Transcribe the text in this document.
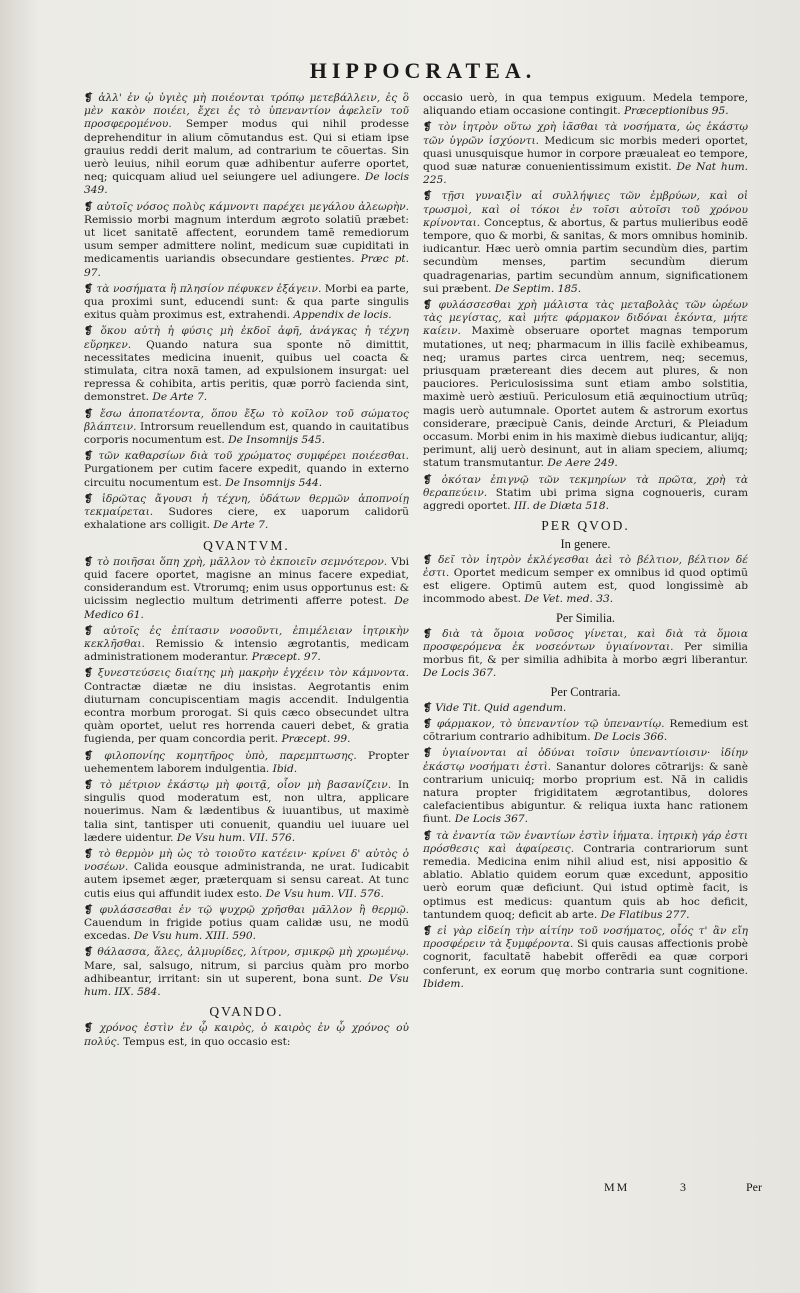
HIPPOCRATEA.

❡ ἀλλ' ἐν ᾧ ὑγιὲς μὴ ποιέονται τρόπῳ μετεβάλλειν, ἐς ὃ μὲν κακὸν ποιέει, ἔχει ἐς τὸ ὑπεναντίον ἀφελεῖν τοῦ προσφερομένου. Semper modus qui nihil prodesse deprehenditur in alium cõmutandus est. Qui si etiam ipse grauius reddi derit malum, ad contrarium te cõuertas. Sin uerò leuius, nihil eorum quæ adhibentur auferre oportet, neq; quicquam aliud uel seiungere uel adiungere. De locis 349.

❡ αὐτοῖς νόσος πολὺς κάμνοντι παρέχει μεγάλου ἀλεωρὴν. Remissio morbi magnum interdum ægroto solatiũ præbet: ut licet sanitatẽ affectent, eorundem tamẽ remediorum usum semper admittere nolint, medicum suæ cupiditati in medicamentis uariandis obsecundare gestientes. Præc pt. 97.

❡ τὰ νοσήματα ἢ πλησίον πέφυκεν ἐξάγειν. Morbi ea parte, qua proximi sunt, educendi sunt: & qua parte singulis exitus quàm proximus est, extrahendi. Appendix de locis.

❡ ὅκου αὐτὴ ἡ φύσις μὴ ἐκδοῖ ἀφῆ, ἀνάγκας ἡ τέχνη εὕρηκεν. Quando natura sua sponte nõ dimittit, necessitates medicina inuenit, quibus uel coacta & stimulata, citra noxã tamen, ad expulsionem insurgat: uel repressa & cohibita, artis peritis, quæ porrò facienda sint, demonstret. De Arte 7.

❡ ἔσω ἀποπατέοντα, ὅπου ἔξω τὸ κοῖλον τοῦ σώματος βλάπτειν. Introrsum reuellendum est, quando in cauitatibus corporis nocumentum est. De Insomnijs 545.

❡ τῶν καθαρσίων διὰ τοῦ χρώματος συμφέρει ποιέεσθαι. Purgationem per cutim facere expedit, quando in externo circuitu nocumentum est. De Insomnijs 544.

❡ ἱδρῶτας ἄγουσι ἡ τέχνη, ὑδάτων θερμῶν ἀποπνοίῃ τεκμαίρεται. Sudores ciere, ex uaporum calidorũ exhalatione ars colligit. De Arte 7.

QVANTVM.

❡ τὸ ποιῆσαι ὅπη χρὴ, μᾶλλον τὸ ἐκποιεῖν σεμνότερον. Vbi quid facere oportet, magisne an minus facere expediat, considerandum est. Vtrorumq; enim usus opportunus est: & uicissim neglectio multum detrimenti afferre potest. De Medico 61.

❡ αὐτοῖς ἐς ἐπίτασιν νοσοῦντι, ἐπιμέλειαν ἰητρικὴν κεκλῆσθαι. Remissio & intensio ægrotantis, medicam administrationem moderantur. Præcept. 97.

❡ ξυνεστεύσεις διαίτης μὴ μακρὴν ἐγχέειν τὸν κάμνοντα. Contractæ diætæ ne diu insistas. Aegrotantis enim diuturnam concupiscentiam magis accendit. Indulgentia econtra morbum prorogat. Si quis cæco obsecundet ultra quàm oportet, uelut res horrenda caueri debet, & gratia fugienda, per quam concordia perit. Præcept. 99.

❡ φιλοπονίης κομητῆρος ὑπὸ, παρεμπτωσης. Propter uehementem laborem indulgentia. Ibid.

❡ τὸ μέτριον ἐκάστῳ μὴ φοιτᾷ, οἷον μὴ βασανίζειν. In singulis quod moderatum est, non ultra, applicare nouerimus. Nam & lædentibus & iuuantibus, ut maximè talia sint, tantisper uti conuenit, quandiu uel iuuare uel lædere uidentur. De Vsu hum. VII. 576.

❡ τὸ θερμὸν μὴ ὡς τὸ τοιοῦτο κατέειν· κρίνει δ' αὐτὸς ὁ νοσέων. Calida eousque administranda, ne urat. Iudicabit autem ipsemet æger, præterquam si sensu careat. At tunc cutis eius qui affundit iudex esto. De Vsu hum. VII. 576.

❡ φυλάσσεσθαι ἐν τῷ ψυχρῷ χρῆσθαι μᾶλλον ἢ θερμῷ. Cauendum in frigide potius quam calidæ usu, ne modũ excedas. De Vsu hum. XIII. 590.

❡ θάλασσα, ἅλες, ἁλμυρίδες, λίτρον, σμικρῷ μὴ χρωμένῳ. Mare, sal, salsugo, nitrum, si parcius quàm pro morbo adhibeantur, irritant: sin ut superent, bona sunt. De Vsu hum. IIX. 584.

QVANDO.

❡ χρόνος ἐστὶν ἐν ᾧ καιρὸς, ὁ καιρὸς ἐν ᾧ χρόνος οὐ πολύς. Tempus est, in quo occasio est:

occasio uerò, in qua tempus exiguum. Medela tempore, aliquando etiam occasione contingit. Præceptionibus 95.

❡ τὸν ἰητρὸν οὕτω χρὴ ἰᾶσθαι τὰ νοσήματα, ὡς ἑκάστῳ τῶν ὑγρῶν ἰσχύοντι. Medicum sic morbis mederi oportet, quasi unusquisque humor in corpore præualeat eo tempore, quod suæ naturæ conuenientissimum existit. De Nat hum. 225.

❡ τῇσι γυναιξὶν αἱ συλλήψιες τῶν ἐμβρύων, καὶ οἱ τρωσμοὶ, καὶ οἱ τόκοι ἐν τοῖσι αὐτοῖσι τοῦ χρόνου κρίνονται. Conceptus, & abortus, & partus mulieribus eodẽ tempore, quo & morbi, & sanitas, & mors omnibus hominib. iudicantur. Hæc uerò omnia partim secundùm dies, partim secundùm menses, partim secundùm dierum quadragenarias, partim secundùm annum, significationem sui præbent. De Septim. 185.

❡ φυλάσσεσθαι χρὴ μάλιστα τὰς μεταβολὰς τῶν ὡρέων τὰς μεγίστας, καὶ μήτε φάρμακον διδόναι ἑκόντα, μήτε καίειν. Maximè obseruare oportet magnas temporum mutationes, ut neq; pharmacum in illis facilè exhibeamus, neq; uramus partes circa uentrem, neq; secemus, priusquam prætereant dies decem aut plures, & non pauciores. Periculosissima sunt etiam ambo solstitia, maximè uerò æstiuũ. Periculosum etiã æquinoctium utrũq; magis uerò autumnale. Oportet autem & astrorum exortus considerare, præcipuè Canis, deinde Arcturi, & Pleiadum occasum. Morbi enim in his maximè diebus iudicantur, alijq; perimunt, alij uerò desinunt, aut in aliam speciem, aliumq; statum transmutantur. De Aere 249.

❡ ὁκόταν ἐπιγνῷ τῶν τεκμηρίων τὰ πρῶτα, χρὴ τὰ θεραπεύειν. Statim ubi prima signa cognoueris, curam aggredi oportet. III. de Diæta 518.

PER QVOD.
In genere.

❡ δεῖ τὸν ἰητρὸν ἐκλέγεσθαι ἀεὶ τὸ βέλτιον, βέλτιον δέ ἐστι. Oportet medicum semper ex omnibus id quod optimũ est eligere. Optimũ autem est, quod longissimè ab incommodo abest. De Vet. med. 33.

Per Similia.

❡ διὰ τὰ ὅμοια νοῦσος γίνεται, καὶ διὰ τὰ ὅμοια προσφερόμενα ἐκ νοσεόντων ὑγιαίνονται. Per similia morbus fit, & per similia adhibita à morbo ægri liberantur. De Locis 367.

Per Contraria.

❡ Vide Tit. Quid agendum.

❡ φάρμακον, τὸ ὑπεναντίον τῷ ὑπεναντίῳ. Remedium est cõtrarium contrario adhibitum. De Locis 366.

❡ ὑγιαίνονται αἱ ὀδύναι τοῖσιν ὑπεναντίοισιν· ἰδίην ἑκάστῳ νοσήματι ἐστὶ. Sanantur dolores cõtrarijs: & sanè contrarium unicuiq; morbo proprium est. Nã in calidis natura propter frigiditatem ægrotantibus, dolores calefacientibus abiguntur. & reliqua iuxta hanc rationem fiunt. De Locis 367.

❡ τὰ ἐναντία τῶν ἐναντίων ἐστὶν ἰήματα. ἰητρικὴ γάρ ἐστι πρόσθεσις καὶ ἀφαίρεσις. Contraria contrariorum sunt remedia. Medicina enim nihil aliud est, nisi appositio & ablatio. Ablatio quidem eorum quæ excedunt, appositio uerò eorum quæ deficiunt. Qui istud optimè facit, is optimus est medicus: quantum quis ab hoc deficit, tantundem quoq; deficit ab arte. De Flatibus 277.

❡ εἰ γὰρ εἰδείη τὴν αἰτίην τοῦ νοσήματος, οἷός τ' ἂν εἴη προσφέρειν τὰ ξυμφέροντα. Si quis causas affectionis probè cognorit, facultatẽ habebit offerẽdi ea quæ corpori conferunt, ex eorum quę morbo contraria sunt cognitione. Ibidem.

MM	3	Per
